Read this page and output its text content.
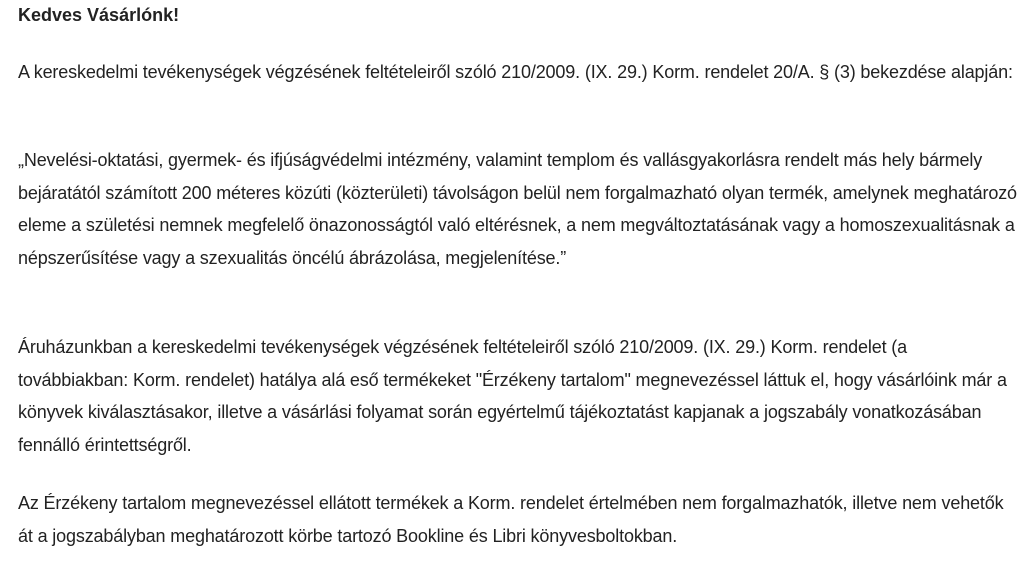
Kedves Vásárlónk!

A kereskedelmi tevékenységek végzésének feltételeiről szóló 210/2009. (IX. 29.) Korm. rendelet 20/A. § (3) bekezdése alapján:

„Nevelési-oktatási, gyermek- és ifjúságvédelmi intézmény, valamint templom és vallásgyakorlásra rendelt más hely bármely bejáratától számított 200 méteres közúti (közterületi) távolságon belül nem forgalmazható olyan termék, amelynek meghatározó eleme a születési nemnek megfelelő önazonosságtól való eltérésnek, a nem megváltoztatásának vagy a homoszexualitásnak a népszerűsítése vagy a szexualitás öncélú ábrázolása, megjelenítése.”

Áruházunkban a kereskedelmi tevékenységek végzésének feltételeiről szóló 210/2009. (IX. 29.) Korm. rendelet (a továbbiakban: Korm. rendelet) hatálya alá eső termékeket "Érzékeny tartalom" megnevezéssel láttuk el, hogy vásárlóink már a könyvek kiválasztásakor, illetve a vásárlási folyamat során egyértelmű tájékoztatást kapjanak a jogszabály vonatkozásában fennálló érintettségről.

Az Érzékeny tartalom megnevezéssel ellátott termékek a Korm. rendelet értelmében nem forgalmazhatók, illetve nem vehetők át a jogszabályban meghatározott körbe tartozó Bookline és Libri könyvesboltokban.
